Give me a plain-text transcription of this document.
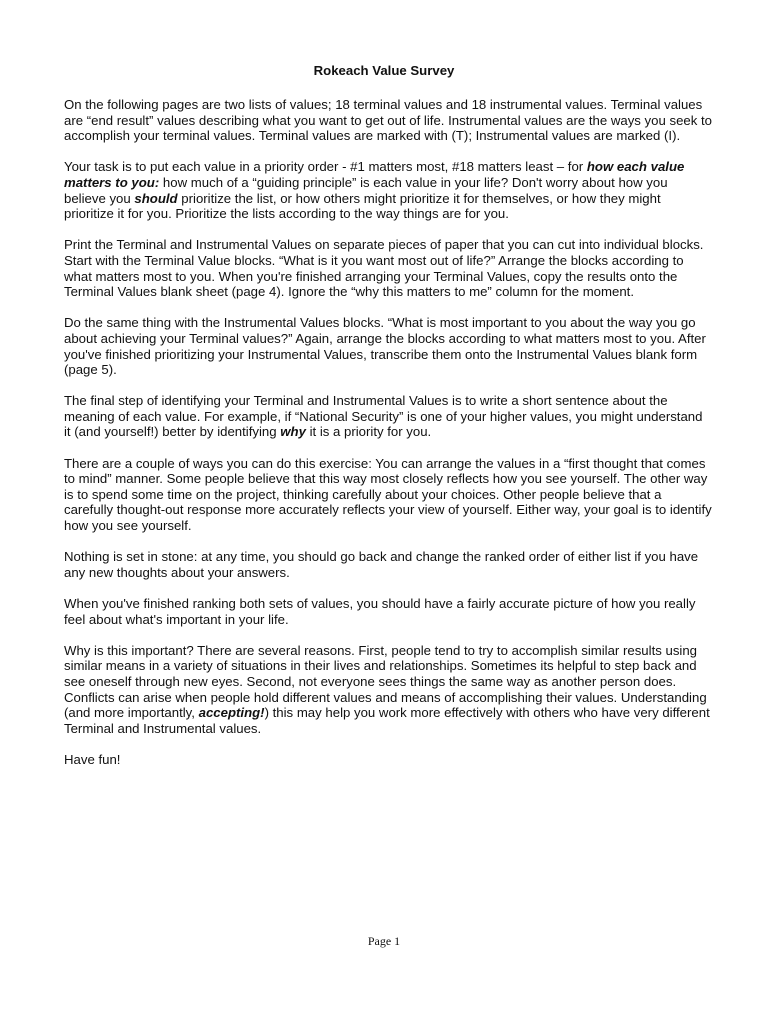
Rokeach Value Survey

On the following pages are two lists of values; 18 terminal values and 18 instrumental values. Terminal values are “end result” values describing what you want to get out of life. Instrumental values are the ways you seek to accomplish your terminal values. Terminal values are marked with (T); Instrumental values are marked (I).

Your task is to put each value in a priority order - #1 matters most, #18 matters least – for how each value matters to you: how much of a “guiding principle” is each value in your life? Don't worry about how you believe you should prioritize the list, or how others might prioritize it for themselves, or how they might prioritize it for you. Prioritize the lists according to the way things are for you.

Print the Terminal and Instrumental Values on separate pieces of paper that you can cut into individual blocks. Start with the Terminal Value blocks. “What is it you want most out of life?” Arrange the blocks according to what matters most to you. When you're finished arranging your Terminal Values, copy the results onto the Terminal Values blank sheet (page 4). Ignore the “why this matters to me” column for the moment.

Do the same thing with the Instrumental Values blocks. “What is most important to you about the way you go about achieving your Terminal values?” Again, arrange the blocks according to what matters most to you. After you've finished prioritizing your Instrumental Values, transcribe them onto the Instrumental Values blank form (page 5).

The final step of identifying your Terminal and Instrumental Values is to write a short sentence about the meaning of each value. For example, if “National Security” is one of your higher values, you might understand it (and yourself!) better by identifying why it is a priority for you.

There are a couple of ways you can do this exercise: You can arrange the values in a “first thought that comes to mind” manner. Some people believe that this way most closely reflects how you see yourself. The other way is to spend some time on the project, thinking carefully about your choices. Other people believe that a carefully thought-out response more accurately reflects your view of yourself. Either way, your goal is to identify how you see yourself.

Nothing is set in stone: at any time, you should go back and change the ranked order of either list if you have any new thoughts about your answers.

When you've finished ranking both sets of values, you should have a fairly accurate picture of how you really feel about what's important in your life.

Why is this important? There are several reasons. First, people tend to try to accomplish similar results using similar means in a variety of situations in their lives and relationships. Sometimes its helpful to step back and see oneself through new eyes. Second, not everyone sees things the same way as another person does. Conflicts can arise when people hold different values and means of accomplishing their values. Understanding (and more importantly, accepting!) this may help you work more effectively with others who have very different Terminal and Instrumental values.

Have fun!

Page 1
